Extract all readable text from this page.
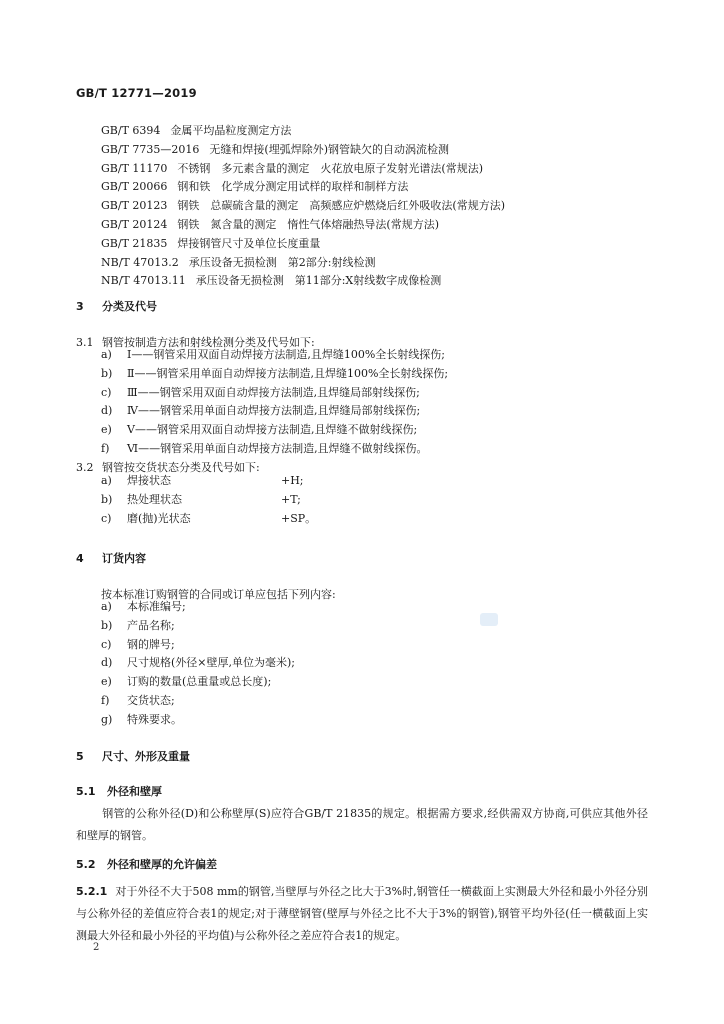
GB/T 12771—2019
GB/T 6394 金属平均晶粒度测定方法
GB/T 7735—2016 无缝和焊接(埋弧焊除外)钢管缺欠的自动涡流检测
GB/T 11170 不锈钢　多元素含量的测定　火花放电原子发射光谱法(常规法)
GB/T 20066 钢和铁　化学成分测定用试样的取样和制样方法
GB/T 20123 钢铁　总碳硫含量的测定　高频感应炉燃烧后红外吸收法(常规方法)
GB/T 20124 钢铁　氮含量的测定　惰性气体熔融热导法(常规方法)
GB/T 21835 焊接钢管尺寸及单位长度重量
NB/T 47013.2 承压设备无损检测　第2部分:射线检测
NB/T 47013.11 承压设备无损检测　第11部分:X射线数字成像检测
3 分类及代号
3.1 钢管按制造方法和射线检测分类及代号如下:
a) Ⅰ——钢管采用双面自动焊接方法制造,且焊缝100%全长射线探伤;
b) Ⅱ——钢管采用单面自动焊接方法制造,且焊缝100%全长射线探伤;
c) Ⅲ——钢管采用双面自动焊接方法制造,且焊缝局部射线探伤;
d) Ⅳ——钢管采用单面自动焊接方法制造,且焊缝局部射线探伤;
e) Ⅴ——钢管采用双面自动焊接方法制造,且焊缝不做射线探伤;
f) Ⅵ——钢管采用单面自动焊接方法制造,且焊缝不做射线探伤。
3.2 钢管按交货状态分类及代号如下:
a) 焊接状态	+H;
b) 热处理状态	+T;
c) 磨(抛)光状态	+SP。
4 订货内容
按本标准订购钢管的合同或订单应包括下列内容:
a) 本标准编号;
b) 产品名称;
c) 钢的牌号;
d) 尺寸规格(外径×壁厚,单位为毫米);
e) 订购的数量(总重量或总长度);
f) 交货状态;
g) 特殊要求。
5 尺寸、外形及重量
5.1 外径和壁厚
钢管的公称外径(D)和公称壁厚(S)应符合GB/T 21835的规定。根据需方要求,经供需双方协商,可供应其他外径和壁厚的钢管。
5.2 外径和壁厚的允许偏差
5.2.1 对于外径不大于508 mm的钢管,当壁厚与外径之比大于3%时,钢管任一横截面上实测最大外径和最小外径分别与公称外径的差值应符合表1的规定;对于薄壁钢管(壁厚与外径之比不大于3%的钢管),钢管平均外径(任一横截面上实测最大外径和最小外径的平均值)与公称外径之差应符合表1的规定。
2
